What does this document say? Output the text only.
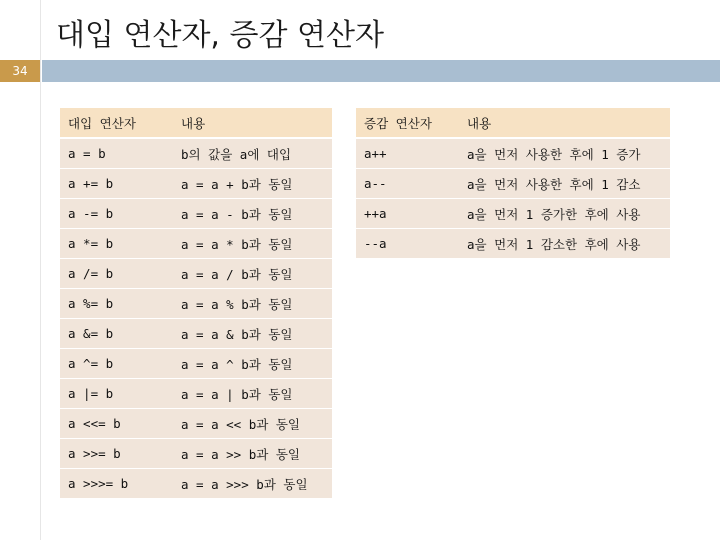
대입 연산자, 증감 연산자
34
대입 연산자	내용
a = b	b의 값을 a에 대입
a += b	a = a + b과 동일
a -= b	a = a - b과 동일
a *= b	a = a * b과 동일
a /= b	a = a / b과 동일
a %= b	a = a % b과 동일
a &= b	a = a & b과 동일
a ^= b	a = a ^ b과 동일
a |= b	a = a | b과 동일
a <<= b	a = a << b과 동일
a >>= b	a = a >> b과 동일
a >>>= b	a = a >>> b과 동일
증감 연산자	내용
a++	a을 먼저 사용한 후에 1 증가
a--	a을 먼저 사용한 후에 1 감소
++a	a을 먼저 1 증가한 후에 사용
--a	a을 먼저 1 감소한 후에 사용
